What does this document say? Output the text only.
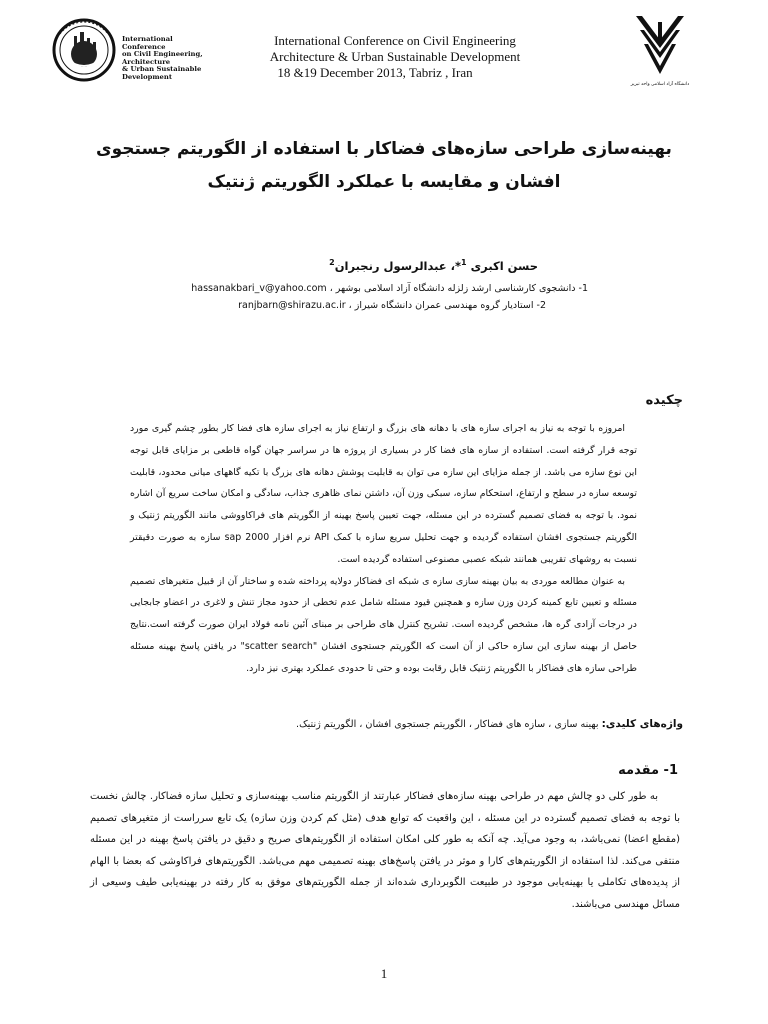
International Conference
on Civil Engineering,
Architecture
& Urban Sustainable
Development
International Conference on Civil Engineering
Architecture & Urban Sustainable Development
18 &19 December 2013, Tabriz , Iran
دانشگاه آزاد اسلامی واحد تبریز
بهینه‌سازی طراحی سازه‌های فضاکار با استفاده از الگوریتم جستجوی
افشان و مقایسه با عملکرد الگوریتم ژنتیک
حسن اکبری $^1$*، عبدالرسول رنجبران$^2$
1- دانشجوی کارشناسی ارشد زلزله دانشگاه آزاد اسلامی بوشهر ، hassanakbari_v@yahoo.com
2- استادیار گروه مهندسی عمران دانشگاه شیراز ، ranjbarn@shirazu.ac.ir
چکیده

امروزه با توجه به نیاز به اجرای سازه های با دهانه های بزرگ و ارتفاع نیاز به اجرای سازه های فضا کار بطور چشم گیری مورد توجه قرار گرفته است. استفاده از سازه های فضا کار در بسیاری از پروژه ها در سراسر جهان گواه قاطعی بر مزایای قابل توجه این نوع سازه می باشد. از جمله مزایای این سازه می توان به قابلیت پوشش دهانه های بزرگ با تکیه گاههای میانی محدود، قابلیت توسعه سازه در سطح و ارتفاع، استحکام سازه، سبکی وزن آن، داشتن نمای ظاهری جذاب، سادگی و امکان ساخت سریع آن اشاره نمود. با توجه به فضای تصمیم گسترده در این مسئله، جهت تعیین پاسخ بهینه از الگوریتم های فراکاووشی مانند الگوریتم ژنتیک و الگوریتم جستجوی افشان استفاده گردیده و جهت تحلیل سریع سازه با کمک API نرم افزار sap 2000 سازه به صورت دقیقتر نسبت به روشهای تقریبی همانند شبکه عصبی مصنوعی استفاده گردیده است.

به عنوان مطالعه موردی به بیان بهینه سازی سازه ی شبکه ای فضاکار دولایه پرداخته شده و ساختار آن از قبیل متغیرهای تصمیم مسئله و تعیین تابع کمینه کردن وزن سازه و همچنین قیود مسئله شامل عدم تخطی از حدود مجاز تنش و لاغری در اعضاو جابجایی در درجات آزادی گره ها، مشخص گردیده است. تشریح کنترل های طراحی بر مبنای آئین نامه فولاد ایران صورت گرفته است.نتایج حاصل از بهینه سازی این سازه حاکی از آن است که الگوریتم جستجوی افشان "scatter search" در یافتن پاسخ بهینه مسئله طراحی سازه های فضاکار با الگوریتم ژنتیک قابل رقابت بوده و حتی تا حدودی عملکرد بهتری نیز دارد.

واژه‌های کلیدی: بهینه سازی ، سازه های فضاکار ، الگوریتم جستجوی افشان ، الگوریتم ژنتیک.
1- مقدمه

به طور کلی دو چالش مهم در طراحی بهینه سازه‌های فضاکار عبارتند از الگوریتم مناسب بهینه‌سازی و تحلیل سازه فضاکار. چالش نخست با توجه به فضای تصمیم گسترده در این مسئله ، این واقعیت که توابع هدف (مثل کم کردن وزن سازه) یک تابع سرراست از متغیرهای تصمیم (مقطع اعضا) نمی‌باشد، به وجود می‌آید. چه آنکه به طور کلی امکان استفاده از الگوریتم‌های صریح و دقیق در یافتن پاسخ بهینه در این مسئله منتفی می‌کند. لذا استفاده از الگوریتم‌های کارا و موثر در یافتن پاسخ‌های بهینه تصمیمی مهم می‌باشد. الگوریتم‌های فراکاوشی که بعضا با الهام از پدیده‌های تکاملی یا بهینه‌یابی موجود در طبیعت الگوبرداری شده‌اند از جمله الگوریتم‌های موفق به کار رفته در بهینه‌یابی طیف وسیعی از مسائل مهندسی می‌باشند.

1
